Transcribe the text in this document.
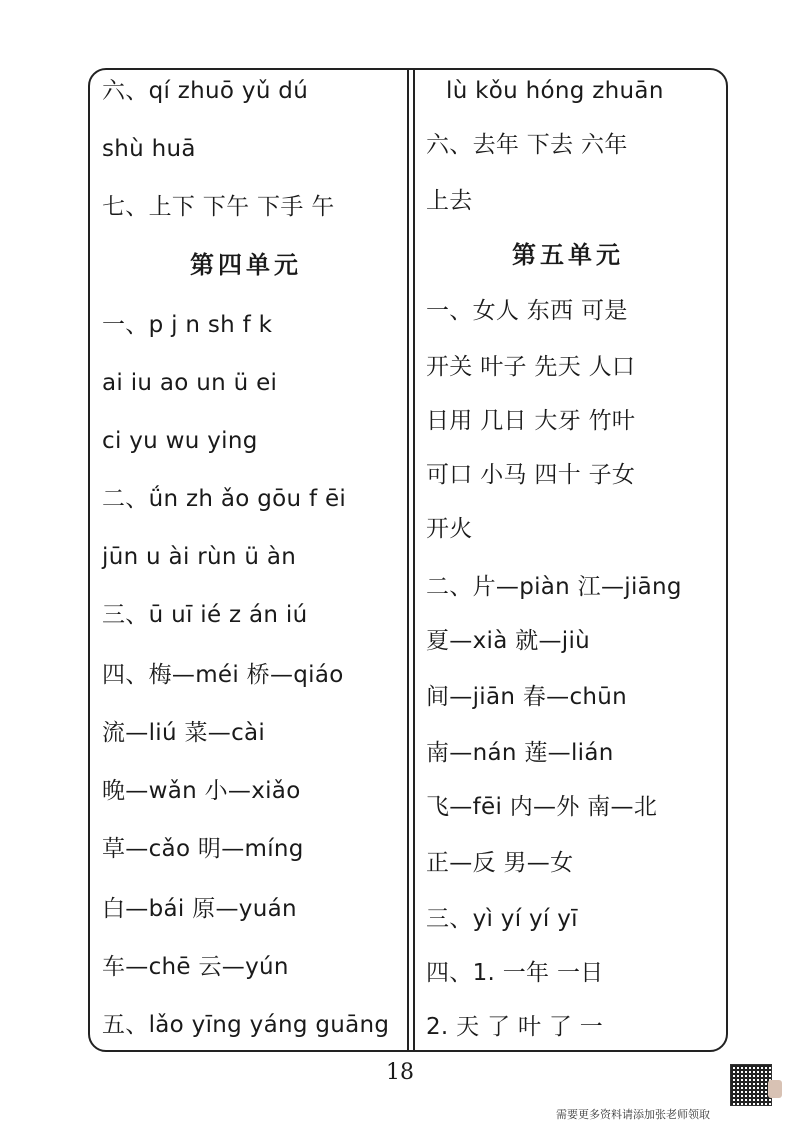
六、qí zhuō yǔ dú
shù huā
七、上下 下午 下手 午
第四单元
一、p j n sh f k
ai iu ao un ü ei
ci yu wu ying
二、ǘn zh ǎo gōu f ēi
jūn u ài rùn ü àn
三、ū uī ié z án iú
四、梅—méi 桥—qiáo
流—liú 菜—cài
晚—wǎn 小—xiǎo
草—cǎo 明—míng
白—bái 原—yuán
车—chē 云—yún
五、lǎo yīng yáng guāng
lù kǒu hóng zhuān
六、去年 下去 六年
上去
第五单元
一、女人 东西 可是
开关 叶子 先天 人口
日用 几日 大牙 竹叶
可口 小马 四十 子女
开火
二、片—piàn 江—jiāng
夏—xià 就—jiù
间—jiān 春—chūn
南—nán 莲—lián
飞—fēi 内—外 南—北
正—反 男—女
三、yì yí yí yī
四、1. 一年 一日
2. 天 了 叶 了 一
18
需要更多资料请添加张老师领取
